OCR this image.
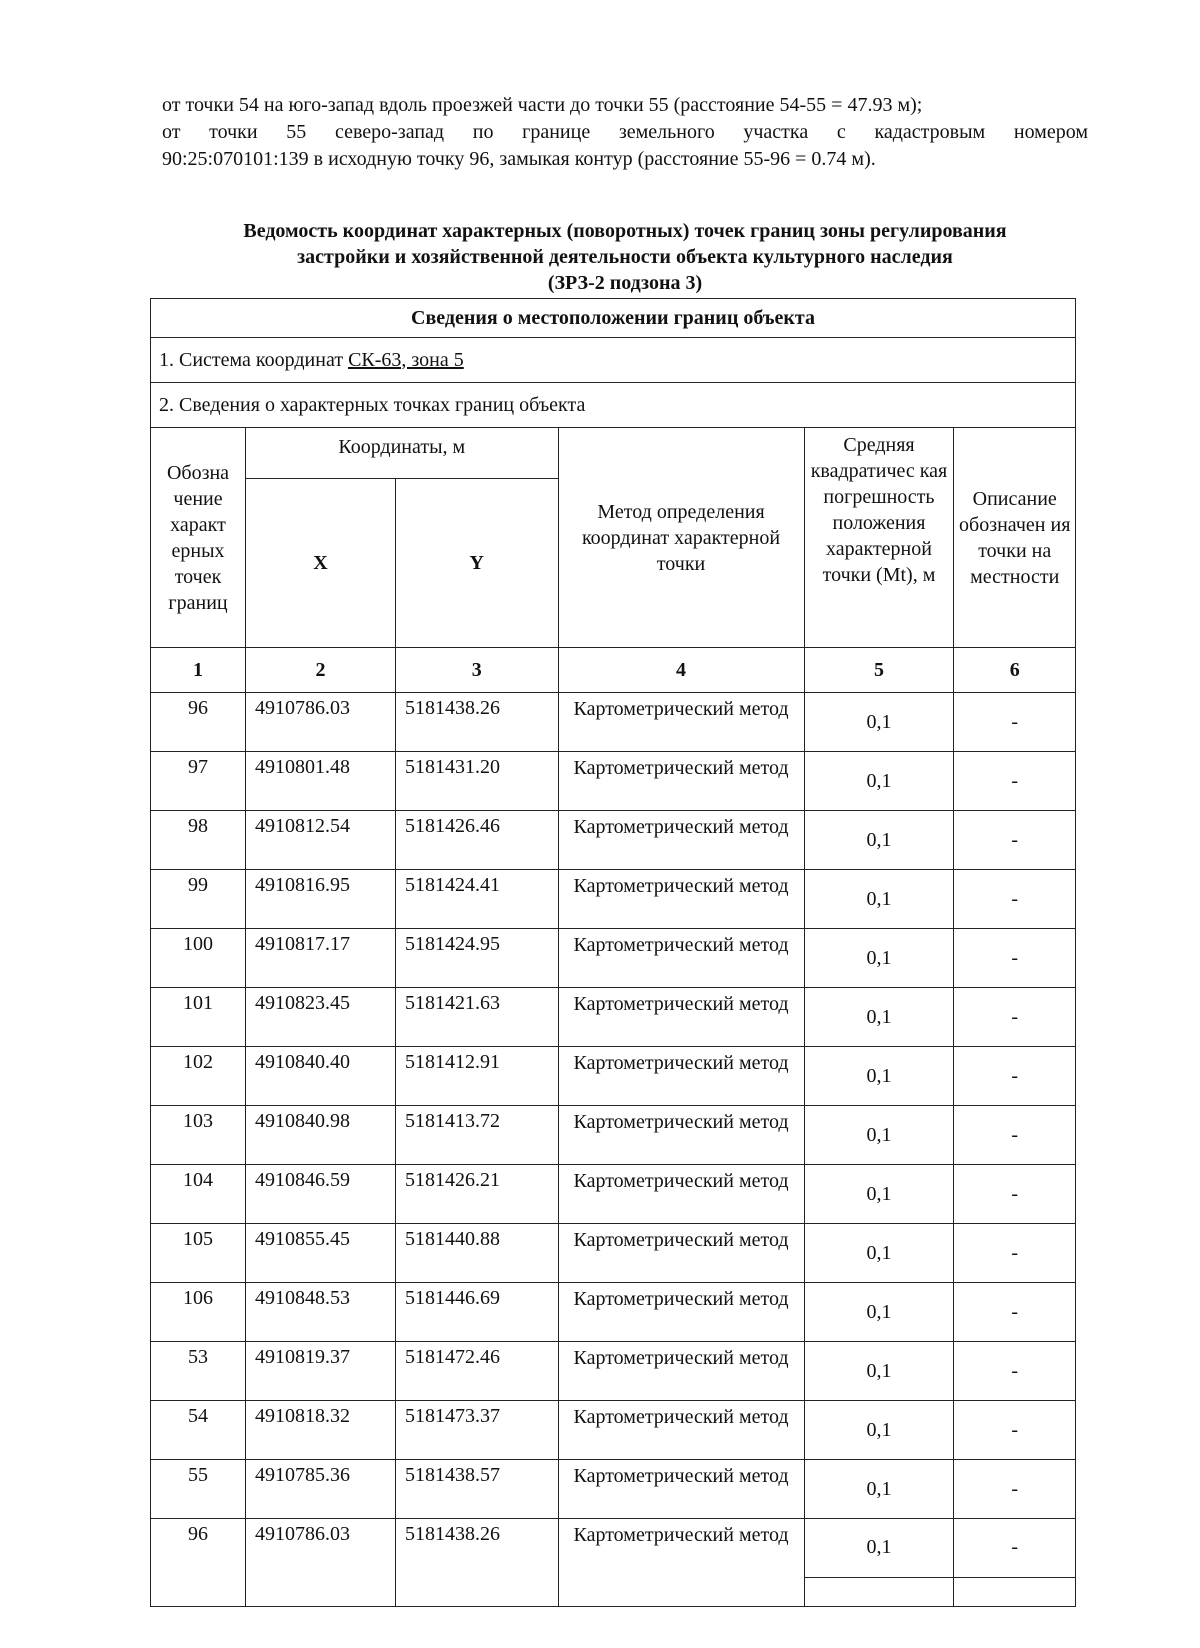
от точки 54 на юго-запад вдоль проезжей части до точки 55 (расстояние 54-55 = 47.93 м);

от точки 55 северо-запад по границе земельного участка с кадастровым номером

90:25:070101:139 в исходную точку 96, замыкая контур (расстояние 55-96 = 0.74 м).

Ведомость координат характерных (поворотных) точек границ зоны регулирования
застройки и хозяйственной деятельности объекта культурного наследия
(ЗРЗ-2 подзона 3)
Сведения о местоположении границ объекта					
1. Система координат СК-63, зона 5					
2. Сведения о характерных точках границ объекта					
Обозна чение характ ерных точек границ	Координаты, м		Метод определения координат характерной точки	Средняя квадратичес кая погрешность положения характерной точки (Mt), м	Описание обозначен ия точки на местности
	X	Y			
1	2	3	4	5	6
96	4910786.03	5181438.26	Картометрический метод	0,1	-
97	4910801.48	5181431.20	Картометрический метод	0,1	-
98	4910812.54	5181426.46	Картометрический метод	0,1	-
99	4910816.95	5181424.41	Картометрический метод	0,1	-
100	4910817.17	5181424.95	Картометрический метод	0,1	-
101	4910823.45	5181421.63	Картометрический метод	0,1	-
102	4910840.40	5181412.91	Картометрический метод	0,1	-
103	4910840.98	5181413.72	Картометрический метод	0,1	-
104	4910846.59	5181426.21	Картометрический метод	0,1	-
105	4910855.45	5181440.88	Картометрический метод	0,1	-
106	4910848.53	5181446.69	Картометрический метод	0,1	-
53	4910819.37	5181472.46	Картометрический метод	0,1	-
54	4910818.32	5181473.37	Картометрический метод	0,1	-
55	4910785.36	5181438.57	Картометрический метод	0,1	-
96	4910786.03	5181438.26	Картометрический метод	0,1	-
